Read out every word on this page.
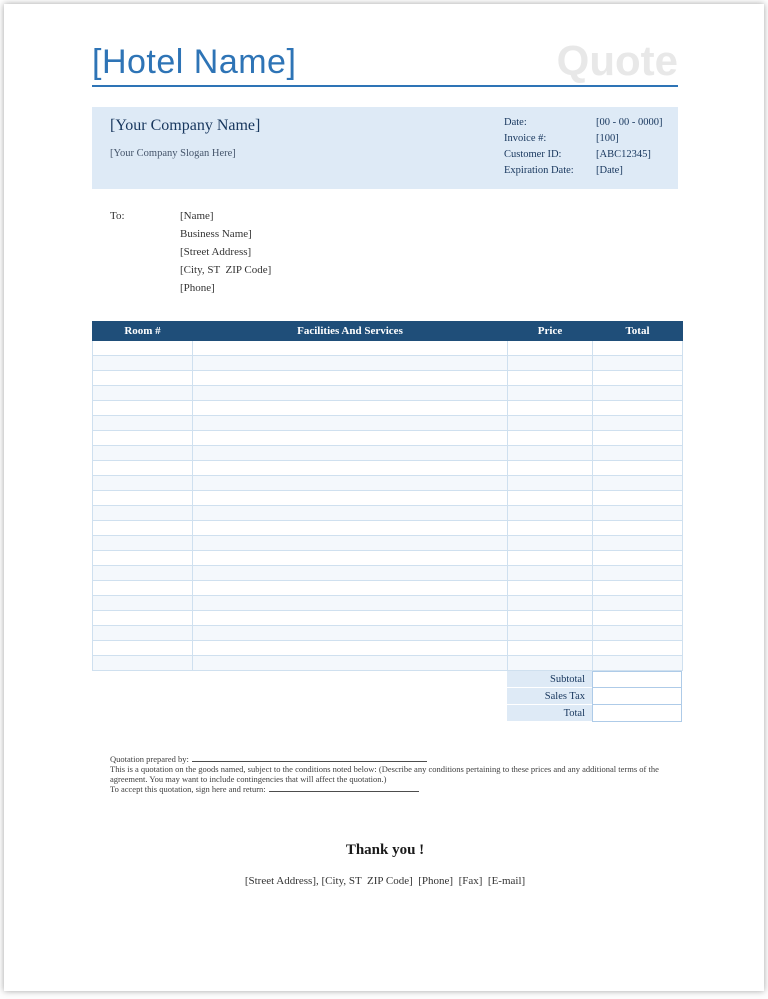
[Hotel Name]	Quote
[Your Company Name]
[Your Company Slogan Here]
Date:	[00 - 00 - 0000]
Invoice #:	[100]
Customer ID:	[ABC12345]
Expiration Date:	[Date]
To:	[Name]
Business Name]
[Street Address]
[City, ST  ZIP Code]
[Phone]
Room #	Facilities And Services	Price	Total

Subtotal
Sales Tax
Total
Quotation prepared by:
This is a quotation on the goods named, subject to the conditions noted below: (Describe any conditions pertaining to these prices and any additional terms of the agreement. You may want to include contingencies that will affect the quotation.)
To accept this quotation, sign here and return:
Thank you !
[Street Address], [City, ST  ZIP Code]  [Phone]  [Fax]  [E-mail]
